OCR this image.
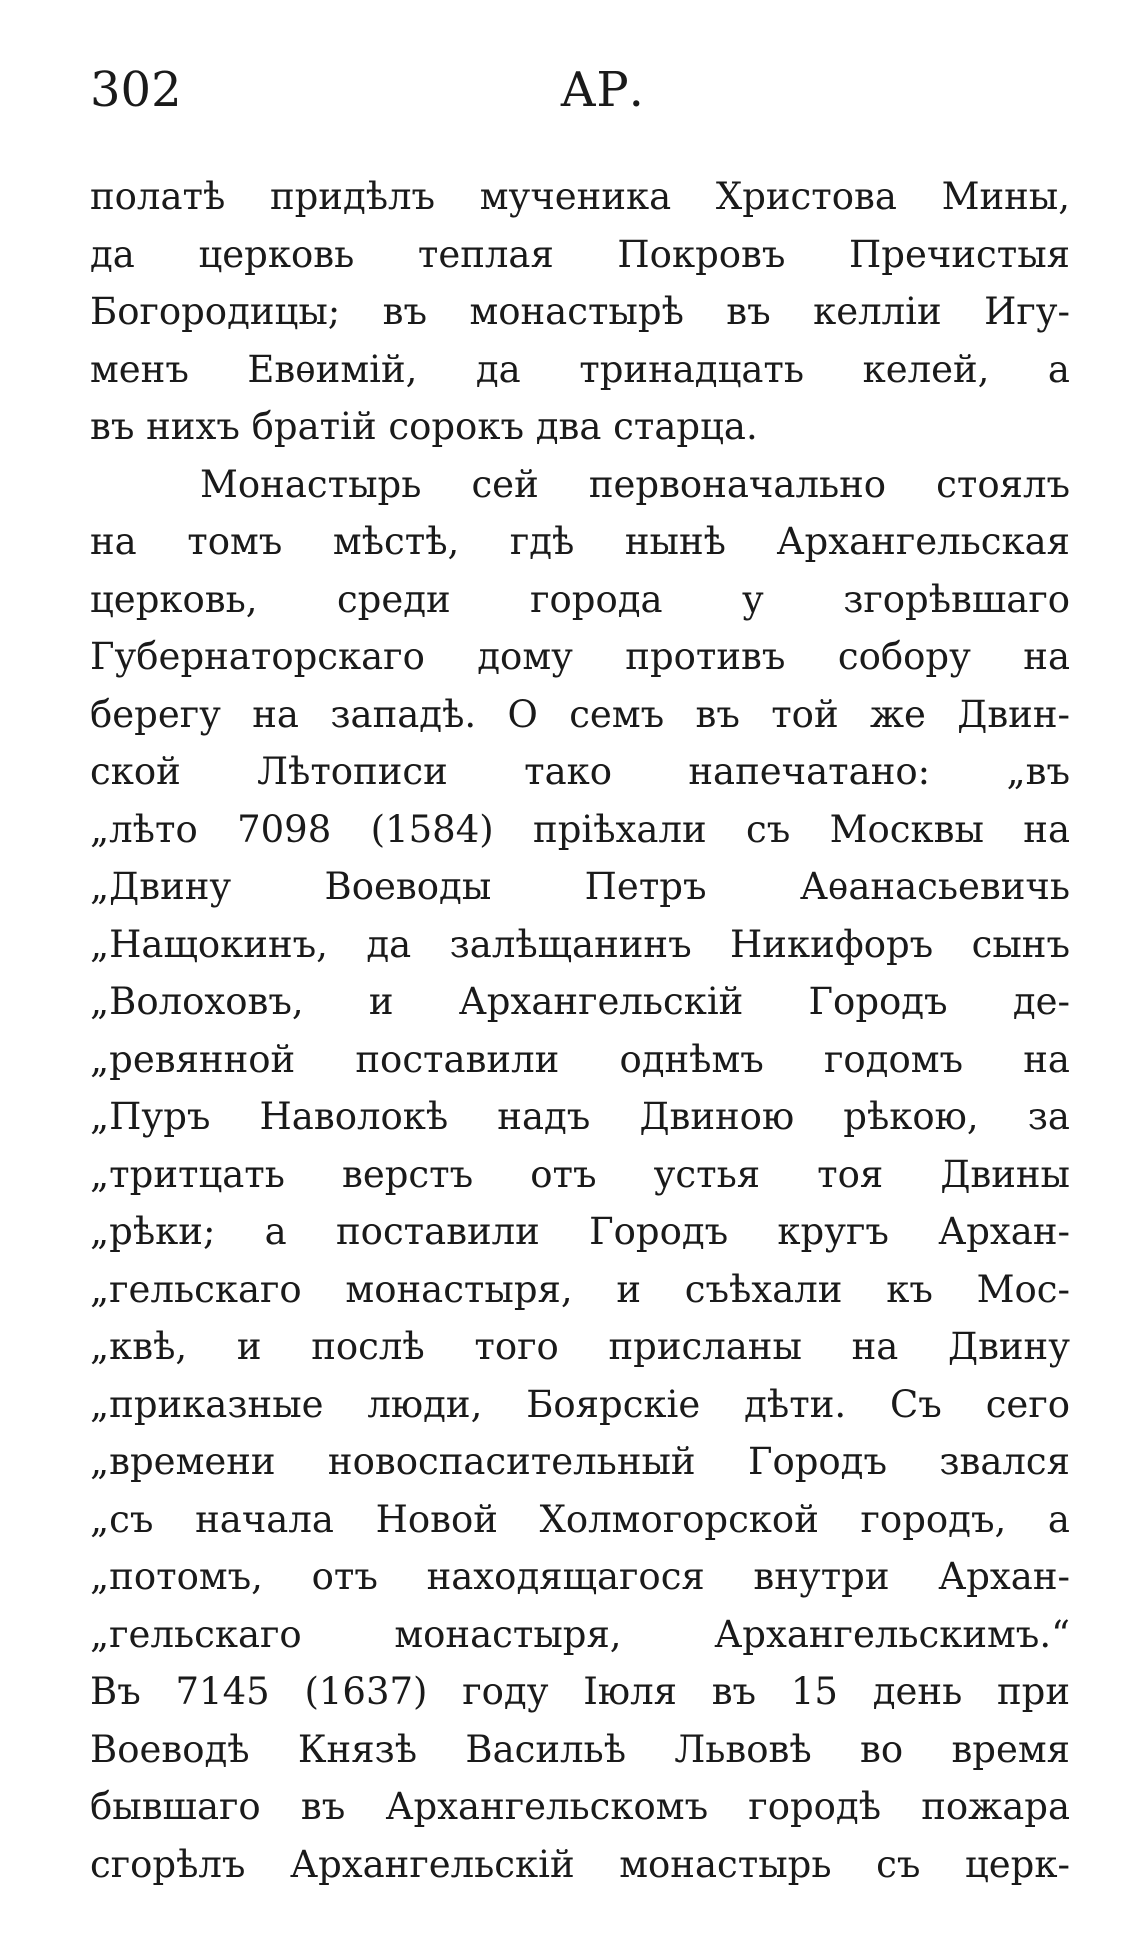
302	АР.
полатѣ придѣлъ мученика Христова Мины,
да церковь теплая Покровъ Пречистыя
Богородицы; въ монастырѣ въ келліи Игу-
менъ Евѳимій, да тринадцать келей, а
въ нихъ братій сорокъ два старца.
Монастырь сей первоначально стоялъ
на томъ мѣстѣ, гдѣ нынѣ Архангельская
церковь, среди города у згорѣвшаго
Губернаторскаго дому противъ собору на
берегу на западѣ. О семъ въ той же Двин-
ской Лѣтописи тако напечатано: „въ
„лѣто 7098 (1584) пріѣхали съ Москвы на
„Двину Воеводы Петръ Аѳанасьевичь
„Нащокинъ, да залѣщанинъ Никифоръ сынъ
„Волоховъ, и Архангельскій Городъ де-
„ревянной поставили однѣмъ годомъ на
„Пуръ Наволокѣ надъ Двиною рѣкою, за
„тритцать верстъ отъ устья тоя Двины
„рѣки; а поставили Городъ кругъ Архан-
„гельскаго монастыря, и съѣхали къ Мос-
„квѣ, и послѣ того присланы на Двину
„приказные люди, Боярскіе дѣти. Съ сего
„времени новоспасительный Городъ звался
„съ начала Новой Холмогорской городъ, а
„потомъ, отъ находящагося внутри Архан-
„гельскаго монастыря, Архангельскимъ.“
Въ 7145 (1637) году Іюля въ 15 день при
Воеводѣ Князѣ Васильѣ Львовѣ во время
бывшаго въ Архангельскомъ городѣ пожара
сгорѣлъ Архангельскій монастырь съ церк-
